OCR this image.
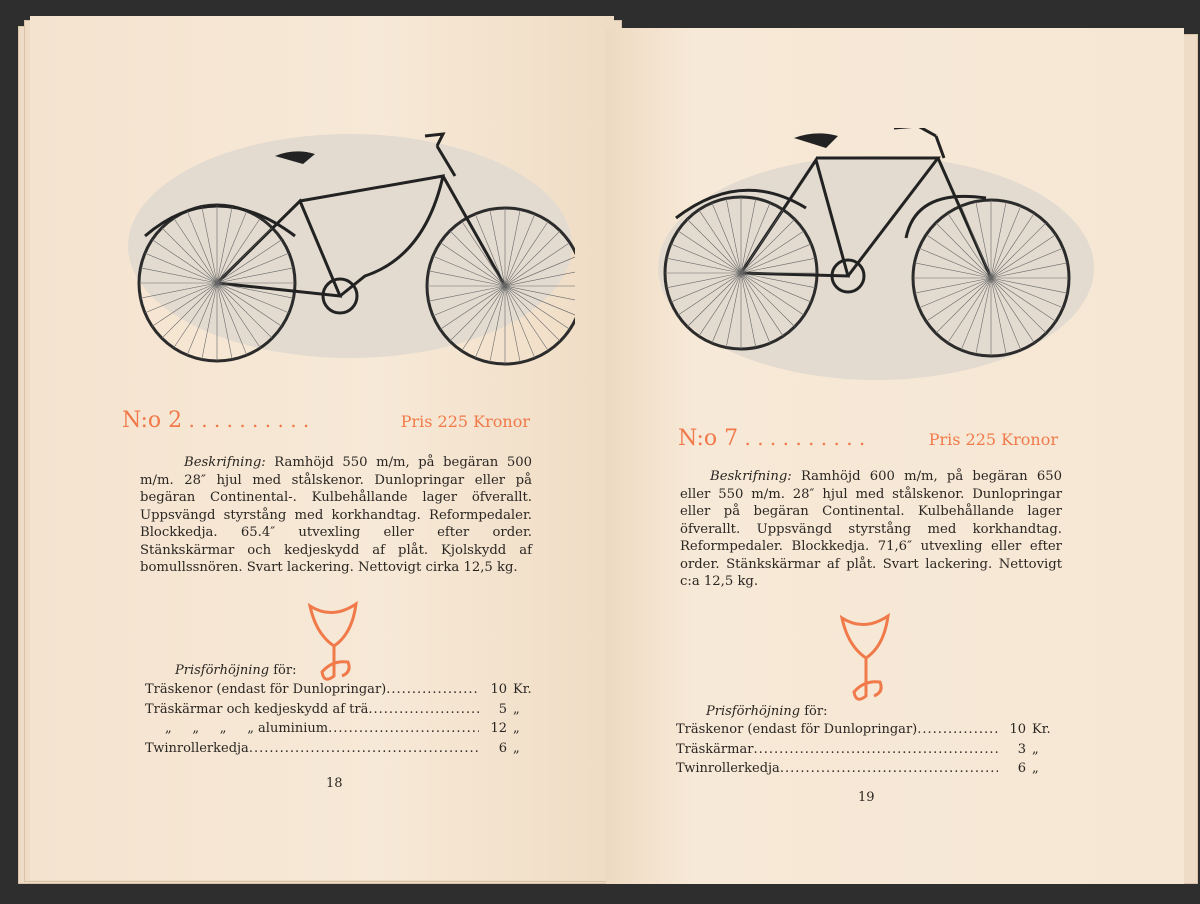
N:o 2 . . . . . . . . . .	Pris 225 Kronor
Beskrifning: Ramhöjd 550 m/m, på begäran 500 m/m. 28″ hjul med stålskenor. Dunlopringar eller på begäran Continental-. Kulbehållande lager öfverallt. Uppsvängd styrstång med korkhandtag. Reformpedaler. Blockkedja. 65.4″ utvexling eller efter order. Stänkskärmar och kedjeskydd af plåt. Kjolskydd af bomullssnören. Svart lackering. Nettovigt cirka 12,5 kg.
Prisförhöjning för:
Träskenor (endast för Dunlopringar) .....	10 Kr.
Träskärmar och kedjeskydd af trä .....	5 „
„     „     „     „ aluminium .....	12 „
Twinrollerkedja .....	6 „
18
N:o 7 . . . . . . . . . .	Pris 225 Kronor
Beskrifning: Ramhöjd 600 m/m, på begäran 650 eller 550 m/m. 28″ hjul med stålskenor. Dunlopringar eller på begäran Continental. Kulbehållande lager öfverallt. Uppsvängd styrstång med korkhandtag. Reformpedaler. Blockkedja. 71,6″ utvexling eller efter order. Stänkskärmar af plåt. Svart lackering. Nettovigt c:a 12,5 kg.
Prisförhöjning för:
Träskenor (endast för Dunlopringar) .....	10 Kr.
Träskärmar .....	3 „
Twinrollerkedja .....	6 „
19
